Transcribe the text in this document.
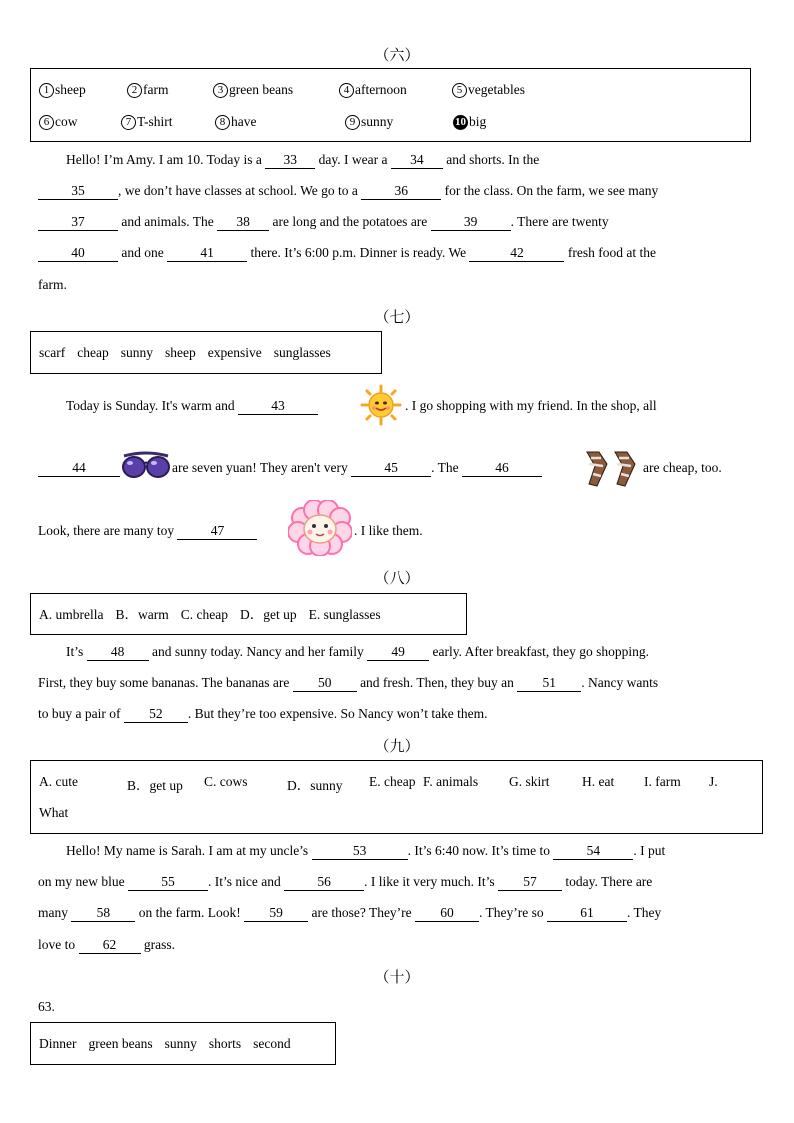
（六）
1 sheep	2 farm	3 green beans	4 afternoon	5 vegetables
6 cow	7 T-shirt	8 have	9 sunny	10 big
Hello! I’m Amy. I am 10. Today is a 33 day. I wear a 34 and shorts. In the
35 , we don’t have classes at school. We go to a 36 for the class. On the farm, we see many
37 and animals. The 38 are long and the potatoes are 39 . There are twenty
40 and one 41 there. It’s 6:00 p.m. Dinner is ready. We	42	fresh food at the
farm.
（七）
scarf cheap sunny sheep expensive sunglasses
Today is Sunday. It's warm and 43	. I go shopping with my friend. In the shop, all
44	are seven yuan! They aren't very 45 . The 46	are cheap, too.
Look, there are many toy 47	. I like them.
（八）
A. umbrella B．warm C. cheap D．get up E. sunglasses
It’s 48 and sunny today. Nancy and her family 49 early. After breakfast, they go shopping.
First, they buy some bananas. The bananas are 50 and fresh. Then, they buy an 51 . Nancy wants
to buy a pair of 52 . But they’re too expensive. So Nancy won’t take them.
（九）
A. cute	B．get up C. cows	D．sunny E. cheap F. animals G. skirt H. eat I. farm J.
What
Hello! My name is Sarah. I am at my uncle’s	53	. It’s 6:40 now. It’s time to 54 . I put
on my new blue 55 . It’s nice and 56 . I like it very much. It’s 57 today. There are
many 58 on the farm. Look! 59 are those? They’re 60 . They’re so 61 . They
love to 62 grass.
（十）
63.
Dinner green beans sunny shorts second
